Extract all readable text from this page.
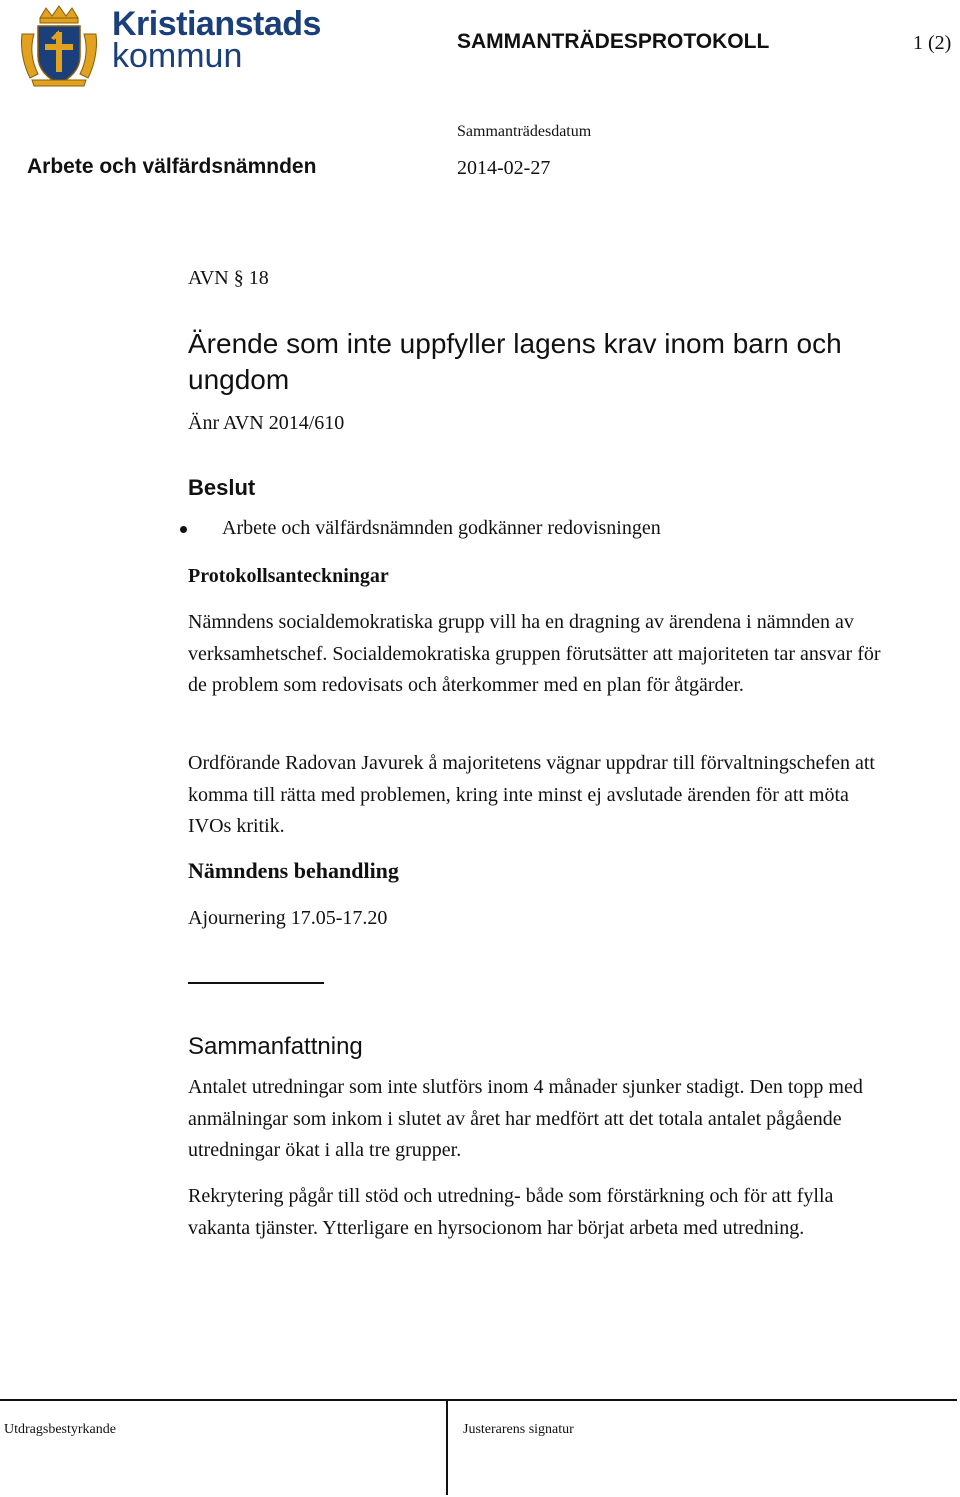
Kristianstads
kommun	SAMMANTRÄDESPROTOKOLL	1 (2)
Sammanträdesdatum
Arbete och välfärdsnämnden	2014-02-27
AVN § 18
Ärende som inte uppfyller lagens krav inom barn och ungdom
Änr AVN 2014/610
Beslut
Arbete och välfärdsnämnden godkänner redovisningen
Protokollsanteckningar
Nämndens socialdemokratiska grupp vill ha en dragning av ärendena i nämnden av verksamhetschef. Socialdemokratiska gruppen förutsätter att majoriteten tar ansvar för de problem som redovisats och återkommer med en plan för åtgärder.
Ordförande Radovan Javurek å majoritetens vägnar uppdrar till förvaltningschefen att komma till rätta med problemen, kring inte minst ej avslutade ärenden för att möta IVOs kritik.
Nämndens behandling
Ajournering 17.05-17.20
Sammanfattning
Antalet utredningar som inte slutförs inom 4 månader sjunker stadigt. Den topp med anmälningar som inkom i slutet av året har medfört att det totala antalet pågående utredningar ökat i alla tre grupper.
Rekrytering pågår till stöd och utredning- både som förstärkning och för att fylla vakanta tjänster. Ytterligare en hyrsocionom har börjat arbeta med utredning.
Utdragsbestyrkande	Justerarens signatur
